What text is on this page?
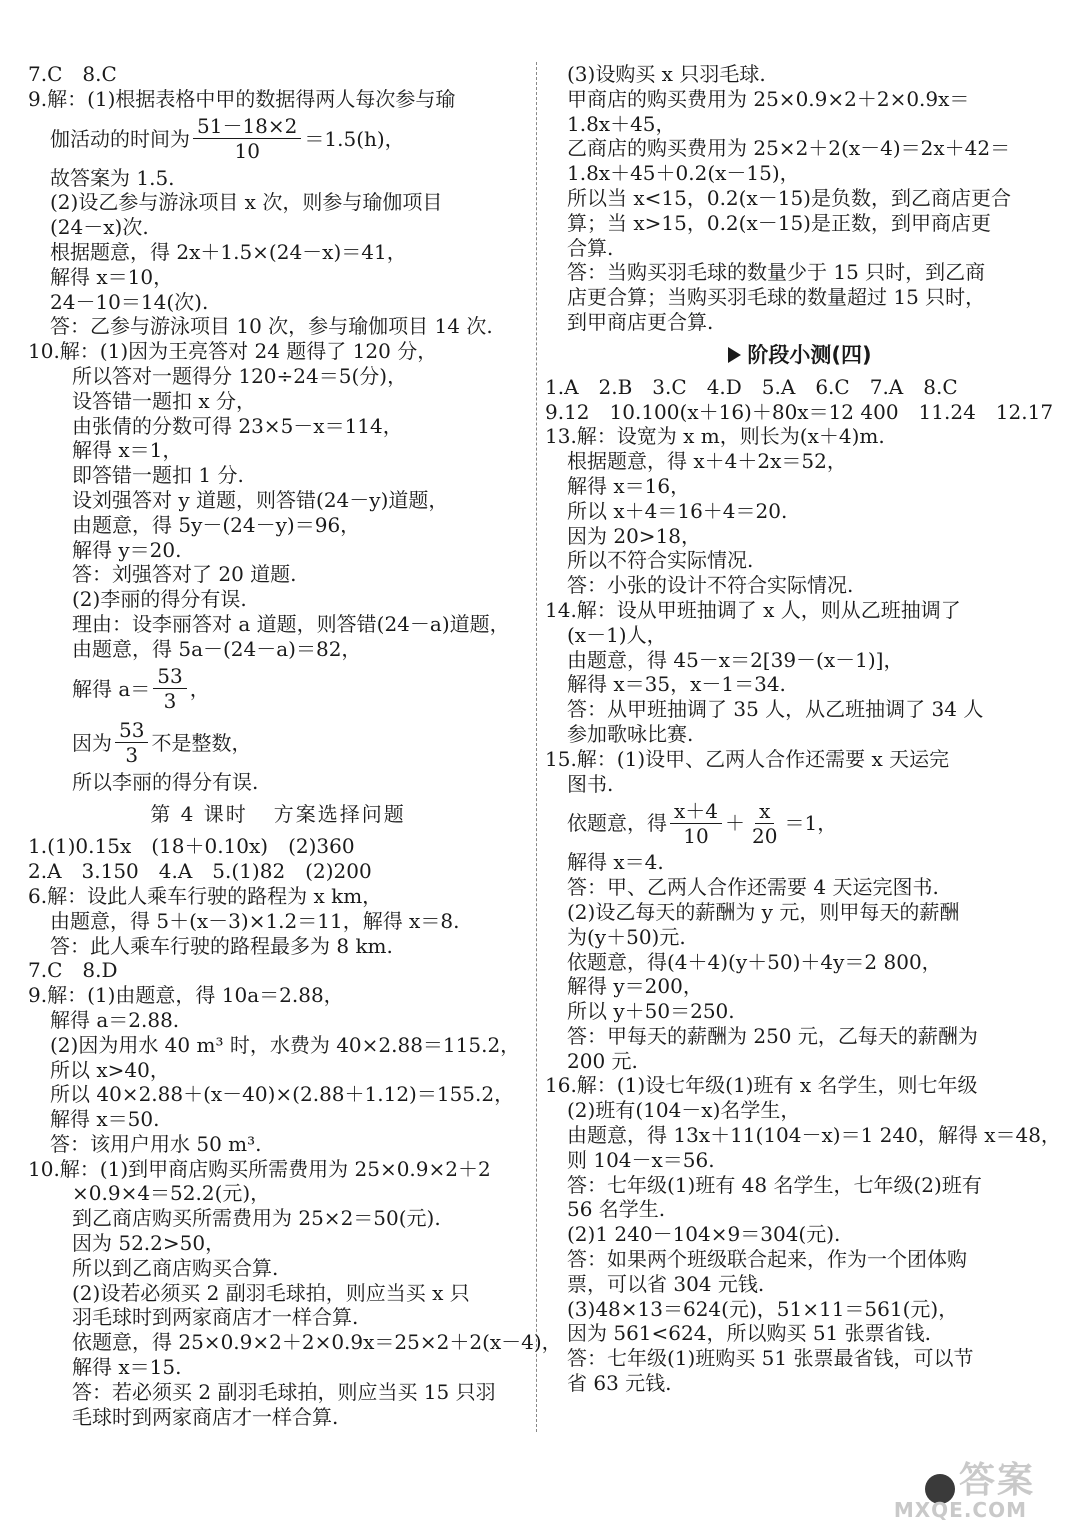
7.C　8.C
9.解：(1)根据表格中甲的数据得两人每次参与瑜
伽活动的时间为 $\frac{51-18\times 2}{10} =1.5(h)$，
故答案为 1.5.
(2)设乙参与游泳项目 x 次，则参与瑜伽项目
(24－x)次.
根据题意，得 2x＋1.5×(24－x)＝41，
解得 x＝10，
24－10＝14(次).
答：乙参与游泳项目 10 次，参与瑜伽项目 14 次.
10.解：(1)因为王亮答对 24 题得了 120 分，
所以答对一题得分 120÷24＝5(分)，
设答错一题扣 x 分，
由张倩的分数可得 23×5－x＝114，
解得 x＝1，
即答错一题扣 1 分.
设刘强答对 y 道题，则答错(24－y)道题，
由题意，得 5y－(24－y)＝96，
解得 y＝20.
答：刘强答对了 20 道题.
(2)李丽的得分有误.
理由：设李丽答对 a 道题，则答错(24－a)道题，
由题意，得 5a－(24－a)＝82，
解得 $a= \frac{53}{3}$ ，
因为 $\frac{53}{3}$ 不是整数，
所以李丽的得分有误.
第 4 课时 方案选择问题
1.(1)0.15x　(18＋0.10x)　(2)360
2.A　3.150　4.A　5.(1)82　(2)200
6.解：设此人乘车行驶的路程为 x km，
由题意，得 5＋(x－3)×1.2＝11，解得 x＝8.
答：此人乘车行驶的路程最多为 8 km.
7.C　8.D
9.解：(1)由题意，得 10a＝2.88，
解得 a＝2.88.
(2)因为用水 40 m³ 时，水费为 40×2.88＝115.2，
所以 x>40，
所以 40×2.88＋(x－40)×(2.88＋1.12)＝155.2，
解得 x＝50.
答：该用户用水 50 m³.
10.解：(1)到甲商店购买所需费用为 25×0.9×2＋2
×0.9×4＝52.2(元)，
到乙商店购买所需费用为 25×2＝50(元).
因为 52.2>50，
所以到乙商店购买合算.
(2)设若必须买 2 副羽毛球拍，则应当买 x 只
羽毛球时到两家商店才一样合算.
依题意，得 25×0.9×2＋2×0.9x＝25×2＋2(x－4)，
解得 x＝15.
答：若必须买 2 副羽毛球拍，则应当买 15 只羽
毛球时到两家商店才一样合算.
(3)设购买 x 只羽毛球.
甲商店的购买费用为 25×0.9×2＋2×0.9x＝
1.8x＋45，
乙商店的购买费用为 25×2＋2(x－4)＝2x＋42＝
1.8x＋45＋0.2(x－15)，
所以当 x<15，0.2(x－15)是负数，到乙商店更合
算；当 x>15，0.2(x－15)是正数，到甲商店更
合算.
答：当购买羽毛球的数量少于 15 只时，到乙商
店更合算；当购买羽毛球的数量超过 15 只时，
到甲商店更合算.
阶段小测(四)
1.A　2.B　3.C　4.D　5.A　6.C　7.A　8.C
9.12　10.100(x＋16)＋80x＝12 400　11.24　12.17
13.解：设宽为 x m，则长为(x＋4)m.
根据题意，得 x＋4＋2x＝52，
解得 x＝16，
所以 x＋4＝16＋4＝20.
因为 20>18，
所以不符合实际情况.
答：小张的设计不符合实际情况.
14.解：设从甲班抽调了 x 人，则从乙班抽调了
(x－1)人，
由题意，得 45－x＝2[39－(x－1)]，
解得 x＝35，x－1＝34.
答：从甲班抽调了 35 人，从乙班抽调了 34 人
参加歌咏比赛.
15.解：(1)设甲、乙两人合作还需要 x 天运完
图书.
依题意，得 $\frac{x+4}{10} + \frac{x}{20} =1$，
解得 x＝4.
答：甲、乙两人合作还需要 4 天运完图书.
(2)设乙每天的薪酬为 y 元，则甲每天的薪酬
为(y＋50)元.
依题意，得(4＋4)(y＋50)＋4y＝2 800，
解得 y＝200，
所以 y＋50＝250.
答：甲每天的薪酬为 250 元，乙每天的薪酬为
200 元.
16.解：(1)设七年级(1)班有 x 名学生，则七年级
(2)班有(104－x)名学生，
由题意，得 13x＋11(104－x)＝1 240，解得 x＝48，
则 104－x＝56.
答：七年级(1)班有 48 名学生，七年级(2)班有
56 名学生.
(2)1 240－104×9＝304(元).
答：如果两个班级联合起来，作为一个团体购
票，可以省 304 元钱.
(3)48×13＝624(元)，51×11＝561(元)，
因为 561<624，所以购买 51 张票省钱.
答：七年级(1)班购买 51 张票最省钱，可以节
省 63 元钱.
答案
MXQE.COM
